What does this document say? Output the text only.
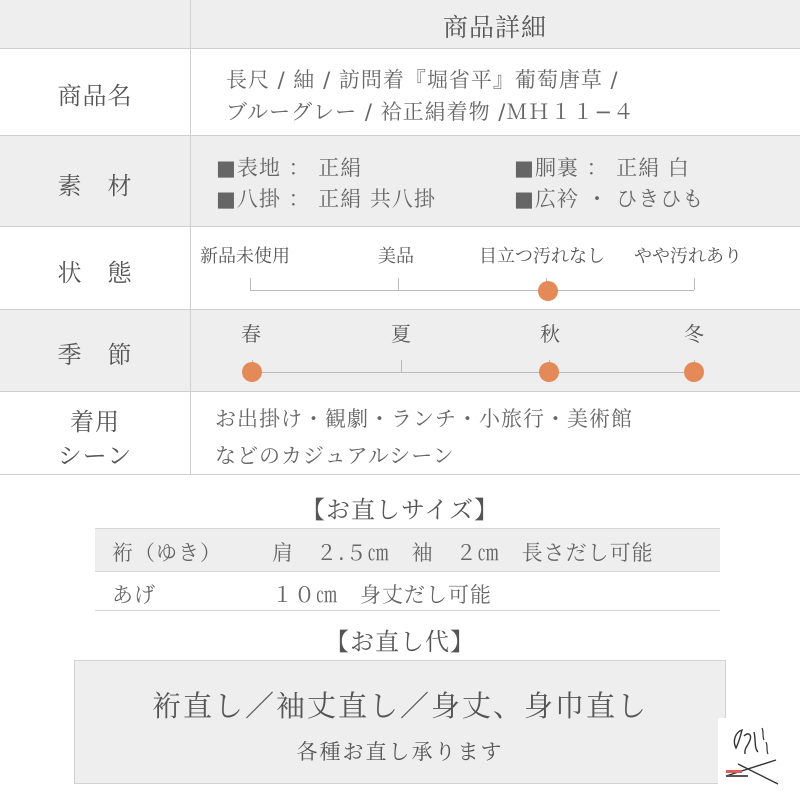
商品詳細
商品名
長尺 / 紬 / 訪問着『堀省平』葡萄唐草 /
ブルーグレー / 袷正絹着物 /ＭＨ１１−４
素　材
■表地 ： 正絹	■胴裏 ： 正絹 白
■八掛 ： 正絹 共八掛	■広衿 ・ ひきひも
状　態
新品未使用	美品	目立つ汚れなし やや汚れあり
季　節
春	夏	秋	冬
着用
シーン
お出掛け・観劇・ランチ・小旅行・美術館
などのカジュアルシーン
【お直しサイズ】
裄（ゆき） 肩　２.５㎝　袖　２㎝　長さだし可能
あげ	１０㎝　身丈だし可能
【お直し代】
裄直し／袖丈直し／身丈、身巾直し
各種お直し承ります
